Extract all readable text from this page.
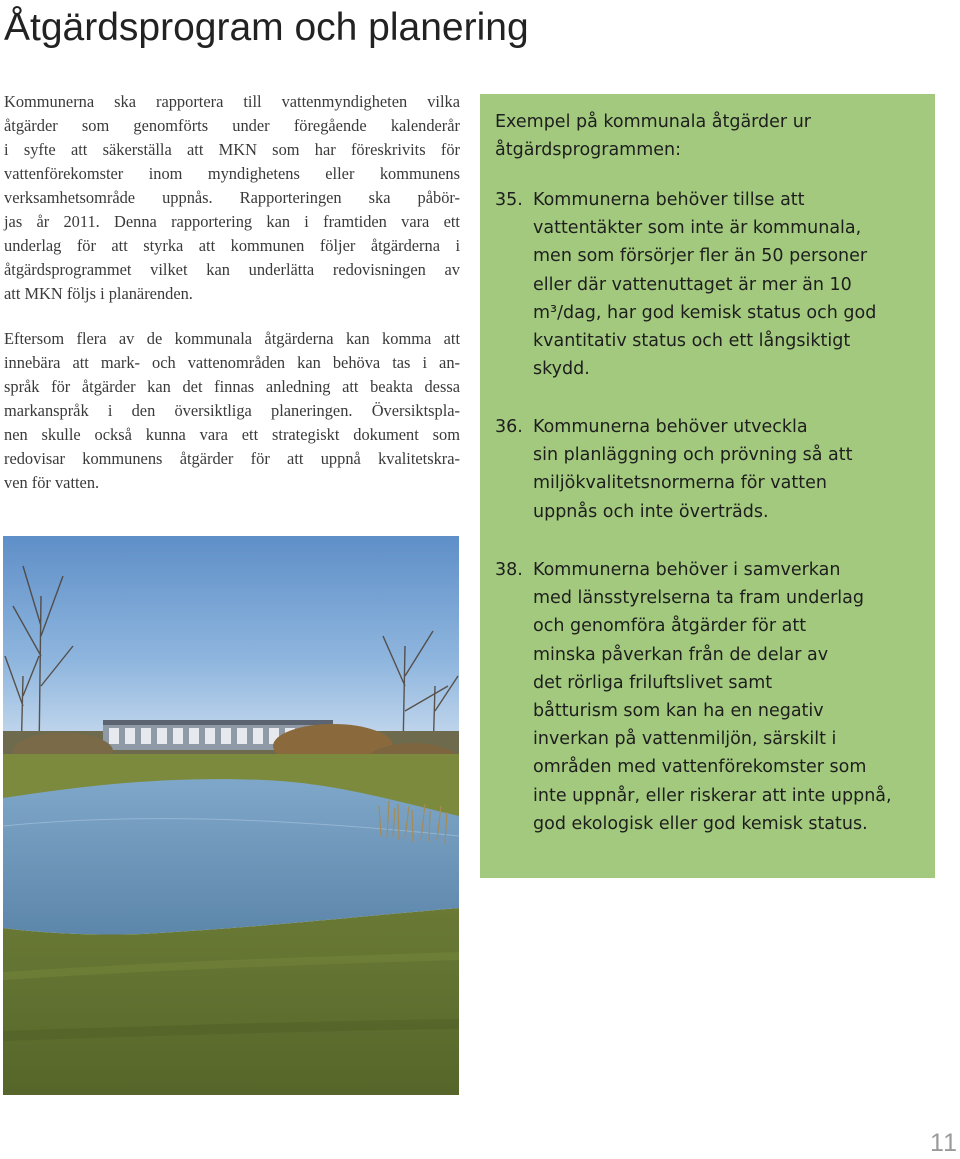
Åtgärdsprogram och planering
Kommunerna ska rapportera till vattenmyndigheten vilka
åtgärder som genomförts under föregående kalenderår
i syfte att säkerställa att MKN som har föreskrivits för
vattenförekomster inom myndighetens eller kommunens
verksamhetsområde uppnås. Rapporteringen ska påbör-
jas år 2011. Denna rapportering kan i framtiden vara ett
underlag för att styrka att kommunen följer åtgärderna i
åtgärdsprogrammet vilket kan underlätta redovisningen av
att MKN följs i planärenden.
Eftersom flera av de kommunala åtgärderna kan komma att
innebära att mark- och vattenområden kan behöva tas i an-
språk för åtgärder kan det finnas anledning att beakta dessa
markanspråk i den översiktliga planeringen. Översiktspla-
nen skulle också kunna vara ett strategiskt dokument som
redovisar kommunens åtgärder för att uppnå kvalitetskra-
ven för vatten.
Exempel på kommunala åtgärder ur
åtgärdsprogrammen:
35. Kommunerna behöver tillse att
vattentäkter som inte är kommunala,
men som försörjer fler än 50 personer
eller där vattenuttaget är mer än 10
m³/dag, har god kemisk status och god
kvantitativ status och ett långsiktigt
skydd.
36. Kommunerna behöver utveckla
sin planläggning och prövning så att
miljökvalitetsnormerna för vatten
uppnås och inte överträds.
38. Kommunerna behöver i samverkan
med länsstyrelserna ta fram underlag
och genomföra åtgärder för att
minska påverkan från de delar av
det rörliga friluftslivet samt
båtturism som kan ha en negativ
inverkan på vattenmiljön, särskilt i
områden med vattenförekomster som
inte uppnår, eller riskerar att inte uppnå,
god ekologisk eller god kemisk status.
11
